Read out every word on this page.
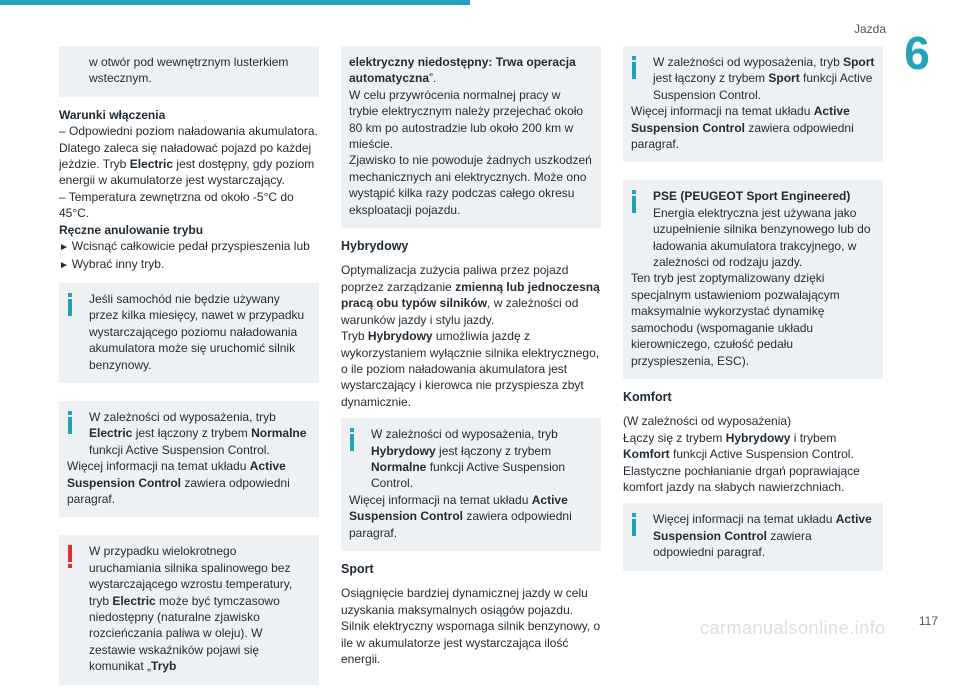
Jazda 6

w otwór pod wewnętrznym lusterkiem wstecznym.

Warunki włączenia
– Odpowiedni poziom naładowania akumulatora.
Dlatego zaleca się naładować pojazd po każdej jeżdzie. Tryb Electric jest dostępny, gdy poziom energii w akumulatorze jest wystarczający.
– Temperatura zewnętrzna od około -5°C do 45°C.
Ręczne anulowanie trybu
► Wcisnąć całkowicie pedał przyspieszenia lub
► Wybrać inny tryb.

Jeśli samochód nie będzie używany przez kilka miesięcy, nawet w przypadku wystarczającego poziomu naładowania akumulatora może się uruchomić silnik benzynowy.

W zależności od wyposażenia, tryb Electric jest łączony z trybem Normalne funkcji Active Suspension Control.

Więcej informacji na temat układu Active Suspension Control zawiera odpowiedni paragraf.

W przypadku wielokrotnego uruchamiania silnika spalinowego bez wystarczającego wzrostu temperatury, tryb Electric może być tymczasowo niedostępny (naturalne zjawisko rozcieńczania paliwa w oleju). W zestawie wskaźników pojawi się komunikat „Tryb

elektryczny niedostępny: Trwa operacja automatyczna”.

W celu przywrócenia normalnej pracy w trybie elektrycznym należy przejechać około 80 km po autostradzie lub około 200 km w mieście.

Zjawisko to nie powoduje żadnych uszkodzeń mechanicznych ani elektrycznych. Może ono wystąpić kilka razy podczas całego okresu eksploatacji pojazdu.

Hybrydowy

Optymalizacja zużycia paliwa przez pojazd poprzez zarządzanie zmienną lub jednoczesną pracą obu typów silników, w zależności od warunków jazdy i stylu jazdy.

Tryb Hybrydowy umożliwia jazdę z wykorzystaniem wyłącznie silnika elektrycznego, o ile poziom naładowania akumulatora jest wystarczający i kierowca nie przyspiesza zbyt dynamicznie.

W zależności od wyposażenia, tryb Hybrydowy jest łączony z trybem Normalne funkcji Active Suspension Control.

Więcej informacji na temat układu Active Suspension Control zawiera odpowiedni paragraf.

Sport

Osiągnięcie bardziej dynamicznej jazdy w celu uzyskania maksymalnych osiągów pojazdu.

Silnik elektryczny wspomaga silnik benzynowy, o ile w akumulatorze jest wystarczająca ilość energii.

W zależności od wyposażenia, tryb Sport jest łączony z trybem Sport funkcji Active Suspension Control.

Więcej informacji na temat układu Active Suspension Control zawiera odpowiedni paragraf.

PSE (PEUGEOT Sport Engineered)

Energia elektryczna jest używana jako uzupełnienie silnika benzynowego lub do ładowania akumulatora trakcyjnego, w zależności od rodzaju jazdy.

Ten tryb jest zoptymalizowany dzięki specjalnym ustawieniom pozwalającym maksymalnie wykorzystać dynamikę samochodu (wspomaganie układu kierowniczego, czułość pedału przyspieszenia, ESC).

Komfort

(W zależności od wyposażenia)

Łączy się z trybem Hybrydowy i trybem Komfort funkcji Active Suspension Control.

Elastyczne pochłanianie drgań poprawiające komfort jazdy na słabych nawierzchniach.

Więcej informacji na temat układu Active Suspension Control zawiera odpowiedni paragraf.

carmanualsonline.info	117
